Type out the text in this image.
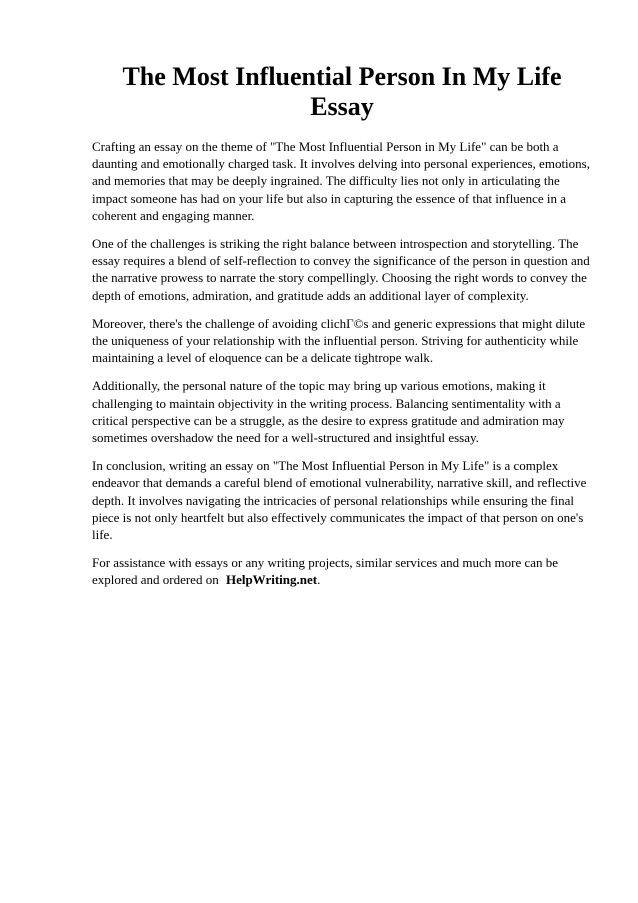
The Most Influential Person In My Life Essay

Crafting an essay on the theme of "The Most Influential Person in My Life" can be both a daunting and emotionally charged task. It involves delving into personal experiences, emotions, and memories that may be deeply ingrained. The difficulty lies not only in articulating the impact someone has had on your life but also in capturing the essence of that influence in a coherent and engaging manner.

One of the challenges is striking the right balance between introspection and storytelling. The essay requires a blend of self-reflection to convey the significance of the person in question and the narrative prowess to narrate the story compellingly. Choosing the right words to convey the depth of emotions, admiration, and gratitude adds an additional layer of complexity.

Moreover, there's the challenge of avoiding clichГ©s and generic expressions that might dilute the uniqueness of your relationship with the influential person. Striving for authenticity while maintaining a level of eloquence can be a delicate tightrope walk.

Additionally, the personal nature of the topic may bring up various emotions, making it challenging to maintain objectivity in the writing process. Balancing sentimentality with a critical perspective can be a struggle, as the desire to express gratitude and admiration may sometimes overshadow the need for a well-structured and insightful essay.

In conclusion, writing an essay on "The Most Influential Person in My Life" is a complex endeavor that demands a careful blend of emotional vulnerability, narrative skill, and reflective depth. It involves navigating the intricacies of personal relationships while ensuring the final piece is not only heartfelt but also effectively communicates the impact of that person on one's life.

For assistance with essays or any writing projects, similar services and much more can be explored and ordered on HelpWriting.net.
